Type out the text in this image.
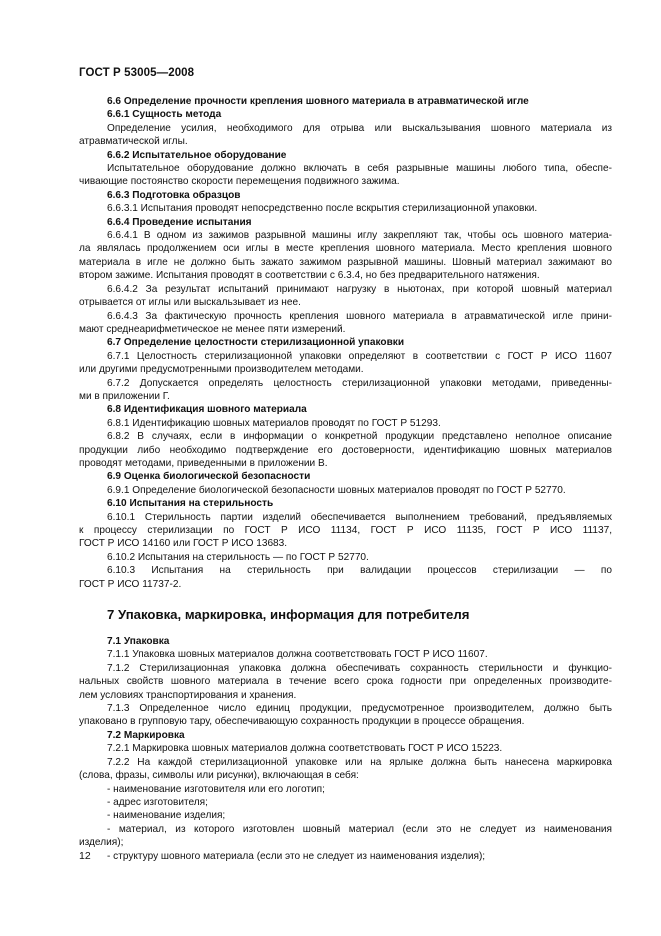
ГОСТ Р 53005—2008

6.6 Определение прочности крепления шовного материала в атравматической игле

6.6.1 Сущность метода

Определение усилия, необходимого для отрыва или выскальзывания шовного материала из

атравматической иглы.

6.6.2 Испытательное оборудование

Испытательное оборудование должно включать в себя разрывные машины любого типа, обеспе-

чивающие постоянство скорости перемещения подвижного зажима.

6.6.3 Подготовка образцов

6.6.3.1 Испытания проводят непосредственно после вскрытия стерилизационной упаковки.

6.6.4 Проведение испытания

6.6.4.1 В одном из зажимов разрывной машины иглу закрепляют так, чтобы ось шовного материа-

ла являлась продолжением оси иглы в месте крепления шовного материала. Место крепления шовного

материала в игле не должно быть зажато зажимом разрывной машины. Шовный материал зажимают во

втором зажиме. Испытания проводят в соответствии с 6.3.4, но без предварительного натяжения.

6.6.4.2 За результат испытаний принимают нагрузку в ньютонах, при которой шовный материал

отрывается от иглы или выскальзывает из нее.

6.6.4.3 За фактическую прочность крепления шовного материала в атравматической игле прини-

мают среднеарифметическое не менее пяти измерений.

6.7 Определение целостности стерилизационной упаковки

6.7.1 Целостность стерилизационной упаковки определяют в соответствии с ГОСТ Р ИСО 11607

или другими предусмотренными производителем методами.

6.7.2 Допускается определять целостность стерилизационной упаковки методами, приведенны-

ми в приложении Г.

6.8 Идентификация шовного материала

6.8.1 Идентификацию шовных материалов проводят по ГОСТ Р 51293.

6.8.2 В случаях, если в информации о конкретной продукции представлено неполное описание

продукции либо необходимо подтверждение его достоверности, идентификацию шовных материалов

проводят методами, приведенными в приложении В.

6.9 Оценка биологической безопасности

6.9.1 Определение биологической безопасности шовных материалов проводят по ГОСТ Р 52770.

6.10 Испытания на стерильность

6.10.1 Стерильность партии изделий обеспечивается выполнением требований, предъявляемых

к процессу стерилизации по ГОСТ Р ИСО 11134, ГОСТ Р ИСО 11135, ГОСТ Р ИСО 11137,

ГОСТ Р ИСО 14160 или ГОСТ Р ИСО 13683.

6.10.2 Испытания на стерильность — по ГОСТ Р 52770.

6.10.3 Испытания на стерильность при валидации процессов стерилизации — по

ГОСТ Р ИСО 11737-2.

7 Упаковка, маркировка, информация для потребителя

7.1 Упаковка

7.1.1 Упаковка шовных материалов должна соответствовать ГОСТ Р ИСО 11607.

7.1.2 Стерилизационная упаковка должна обеспечивать сохранность стерильности и функцио-

нальных свойств шовного материала в течение всего срока годности при определенных производите-

лем условиях транспортирования и хранения.

7.1.3 Определенное число единиц продукции, предусмотренное производителем, должно быть

упаковано в групповую тару, обеспечивающую сохранность продукции в процессе обращения.

7.2 Маркировка

7.2.1 Маркировка шовных материалов должна соответствовать ГОСТ Р ИСО 15223.

7.2.2 На каждой стерилизационной упаковке или на ярлыке должна быть нанесена маркировка

(слова, фразы, символы или рисунки), включающая в себя:

- наименование изготовителя или его логотип;

- адрес изготовителя;

- наименование изделия;

- материал, из которого изготовлен шовный материал (если это не следует из наименования

изделия);

- структуру шовного материала (если это не следует из наименования изделия);

12
